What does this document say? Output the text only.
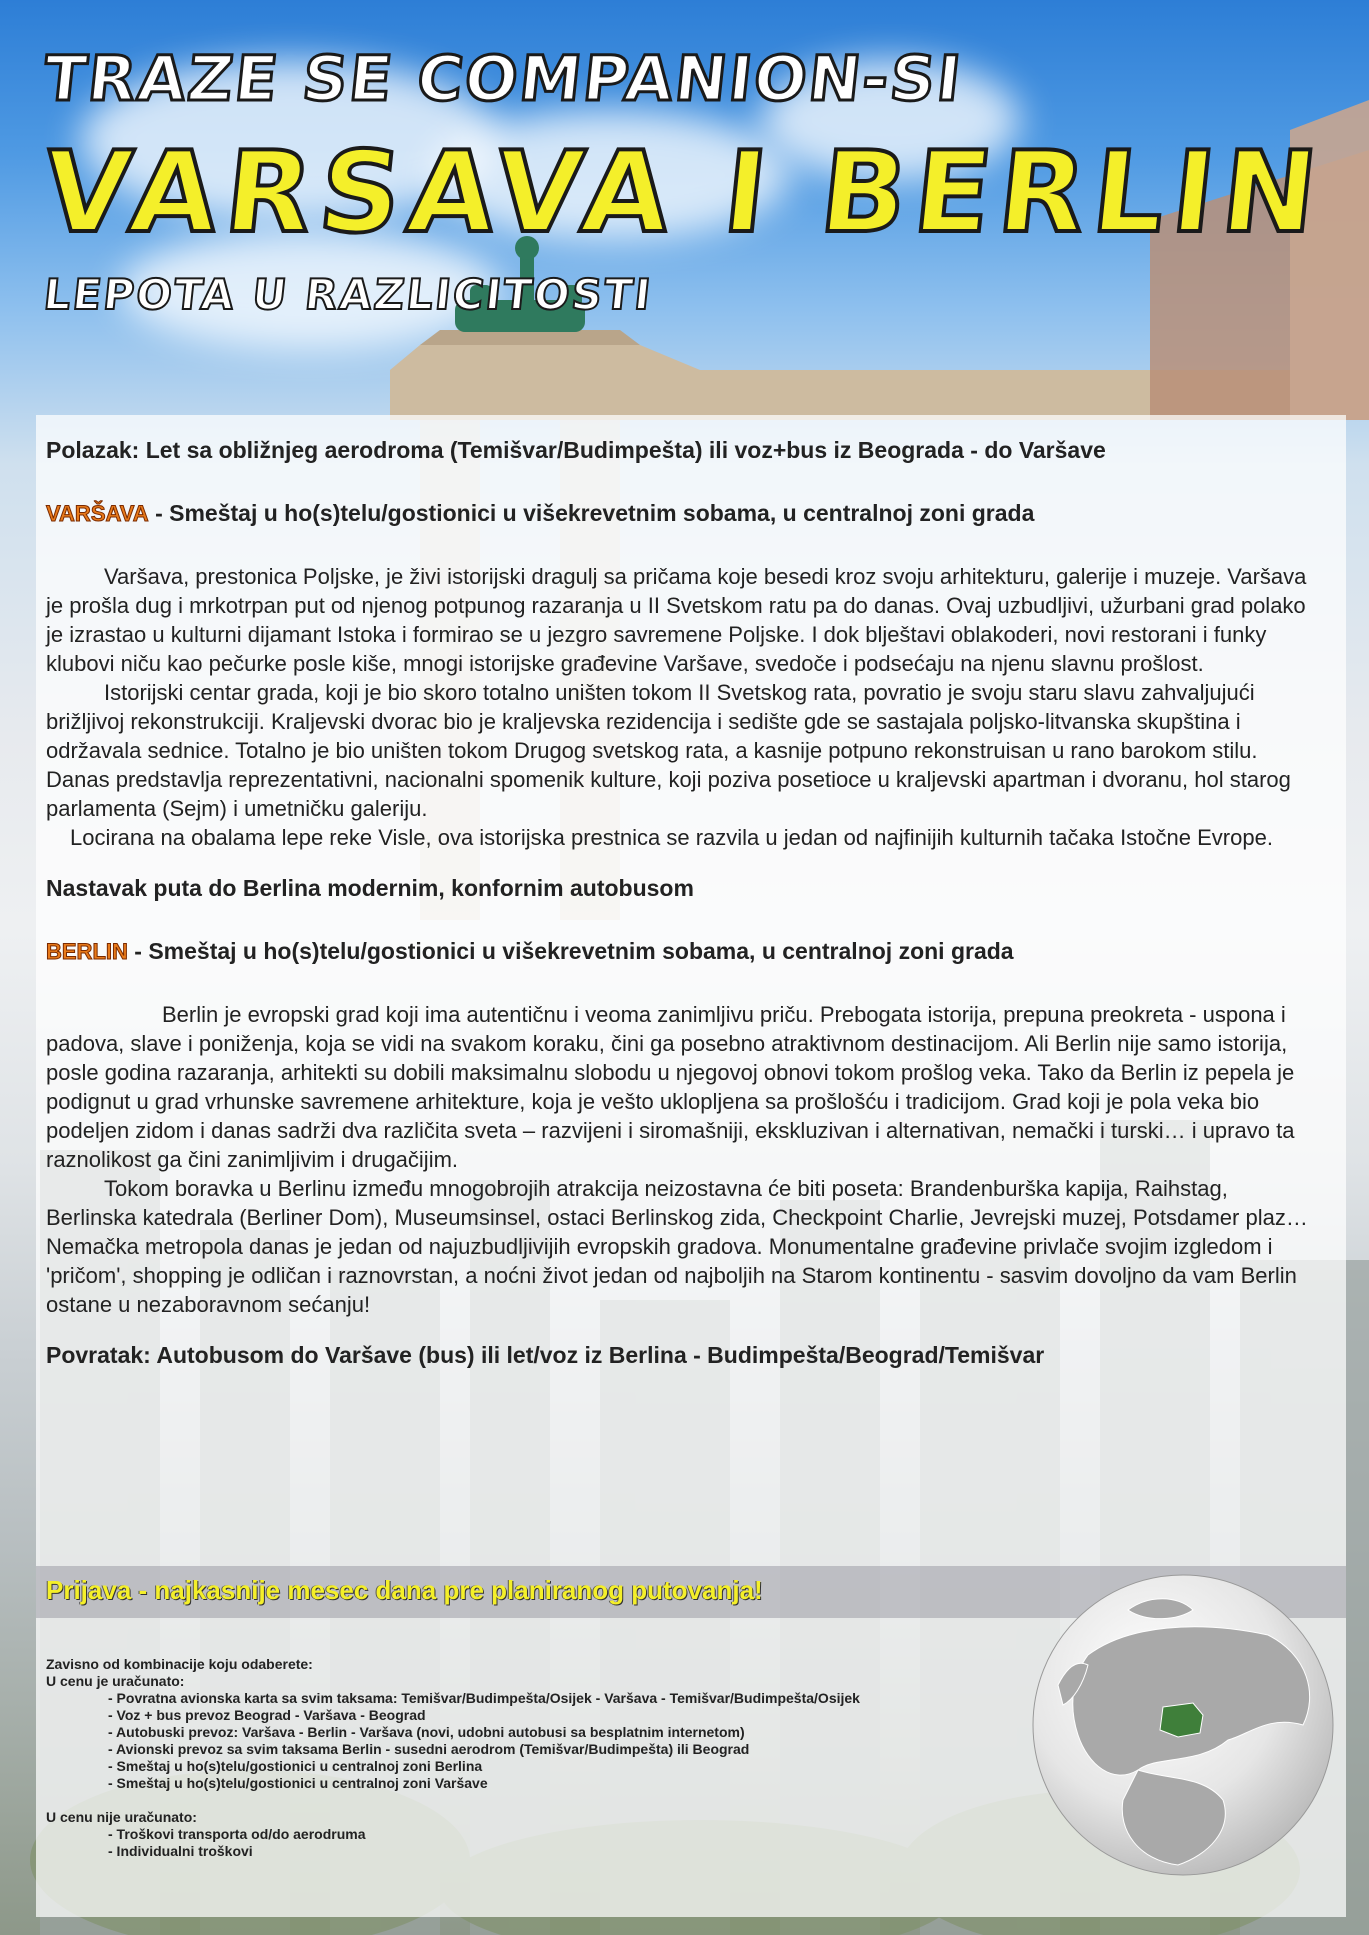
TRAZE SE COMPANION-SI
VARSAVA I BERLIN
LEPOTA U RAZLICITOSTI

Polazak: Let sa obližnjeg aerodroma (Temišvar/Budimpešta) ili voz+bus iz Beograda - do Varšave

VARŠAVA - Smeštaj u ho(s)telu/gostionici u višekrevetnim sobama, u centralnoj zoni grada

Varšava, prestonica Poljske, je živi istorijski dragulj sa pričama koje besedi kroz svoju arhitekturu, galerije i muzeje. Varšava je prošla dug i mrkotrpan put od njenog potpunog razaranja u II Svetskom ratu pa do danas. Ovaj uzbudljivi, užurbani grad polako je izrastao u kulturni dijamant Istoka i formirao se u jezgro savremene Poljske. I dok blještavi oblakoderi, novi restorani i funky klubovi niču kao pečurke posle kiše, mnogi istorijske građevine Varšave, svedoče i podsećaju na njenu slavnu prošlost.

Istorijski centar grada, koji je bio skoro totalno uništen tokom II Svetskog rata, povratio je svoju staru slavu zahvaljujući brižljivoj rekonstrukciji. Kraljevski dvorac bio je kraljevska rezidencija i sedište gde se sastajala poljsko-litvanska skupština i održavala sednice. Totalno je bio uništen tokom Drugog svetskog rata, a kasnije potpuno rekonstruisan u rano barokom stilu. Danas predstavlja reprezentativni, nacionalni spomenik kulture, koji poziva posetioce u kraljevski apartman i dvoranu, hol starog parlamenta (Sejm) i umetničku galeriju.

Locirana na obalama lepe reke Visle, ova istorijska prestnica se razvila u jedan od najfinijih kulturnih tačaka Istočne Evrope.

Nastavak puta do Berlina modernim, konfornim autobusom

BERLIN - Smeštaj u ho(s)telu/gostionici u višekrevetnim sobama, u centralnoj zoni grada

Berlin je evropski grad koji ima autentičnu i veoma zanimljivu priču. Prebogata istorija, prepuna preokreta - uspona i padova, slave i poniženja, koja se vidi na svakom koraku, čini ga posebno atraktivnom destinacijom. Ali Berlin nije samo istorija, posle godina razaranja, arhitekti su dobili maksimalnu slobodu u njegovoj obnovi tokom prošlog veka. Tako da Berlin iz pepela je podignut u grad vrhunske savremene arhitekture, koja je vešto uklopljena sa prošlošću i tradicijom. Grad koji je pola veka bio podeljen zidom i danas sadrži dva različita sveta – razvijeni i siromašniji, ekskluzivan i alternativan, nemački i turski… i upravo ta raznolikost ga čini zanimljivim i drugačijim.

Tokom boravka u Berlinu između mnogobrojih atrakcija neizostavna će biti poseta: Brandenburška kapija, Raihstag, Berlinska katedrala (Berliner Dom), Museumsinsel, ostaci Berlinskog zida, Checkpoint Charlie, Jevrejski muzej, Potsdamer plaz…

Nemačka metropola danas je jedan od najuzbudljivijih evropskih gradova. Monumentalne građevine privlače svojim izgledom i 'pričom', shopping je odličan i raznovrstan, a noćni život jedan od najboljih na Starom kontinentu - sasvim dovoljno da vam Berlin ostane u nezaboravnom sećanju!

Povratak: Autobusom do Varšave (bus) ili let/voz iz Berlina - Budimpešta/Beograd/Temišvar

Prijava - najkasnije mesec dana pre planiranog putovanja!

Zavisno od kombinacije koju odaberete:

U cenu je uračunato:

- Povratna avionska karta sa svim taksama: Temišvar/Budimpešta/Osijek - Varšava - Temišvar/Budimpešta/Osijek

- Voz + bus prevoz Beograd - Varšava - Beograd

- Autobuski prevoz: Varšava - Berlin - Varšava (novi, udobni autobusi sa besplatnim internetom)

- Avionski prevoz sa svim taksama Berlin - susedni aerodrom (Temišvar/Budimpešta) ili Beograd

- Smeštaj u ho(s)telu/gostionici u centralnoj zoni Berlina

- Smeštaj u ho(s)telu/gostionici u centralnoj zoni Varšave

U cenu nije uračunato:

- Troškovi transporta od/do aerodruma

- Individualni troškovi
